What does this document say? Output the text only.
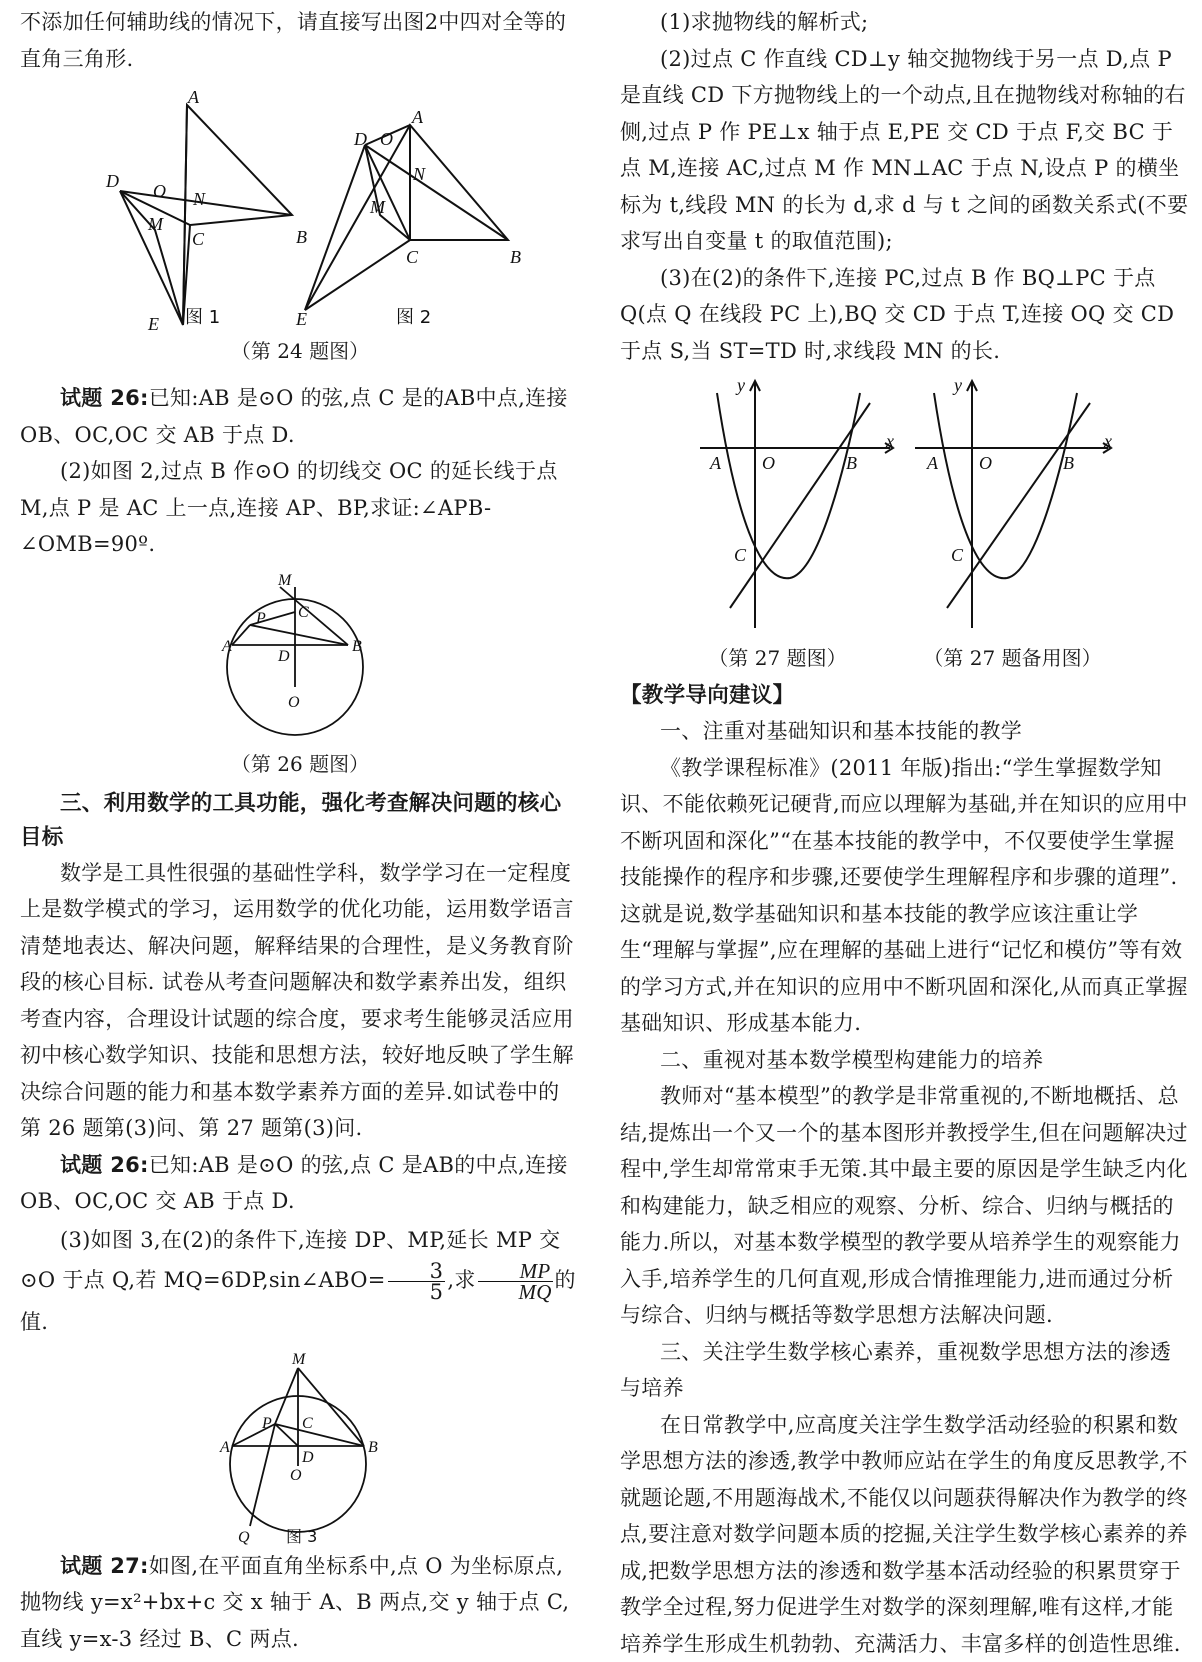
不添加任何辅助线的情况下，请直接写出图2中四对全等的直角三角形.

A
D O N
M
C	B
E 图 1
A
D O
N
M
C	B
E	图 2

（第 24 题图）

试题 26:已知:AB 是⊙O 的弦,点 C 是的AB中点,连接 OB、OC,OC 交 AB 于点 D.

(2)如图 2,过点 B 作⊙O 的切线交 OC 的延长线于点 M,点 P 是 AC 上一点,连接 AP、BP,求证:∠APB-∠OMB=90º.

M
P C
A
D
B
O

（第 26 题图）

三、利用数学的工具功能，强化考查解决问题的核心目标

数学是工具性很强的基础性学科，数学学习在一定程度上是数学模式的学习，运用数学的优化功能，运用数学语言清楚地表达、解决问题，解释结果的合理性，是义务教育阶段的核心目标. 试卷从考查问题解决和数学素养出发，组织考查内容，合理设计试题的综合度，要求考生能够灵活应用初中核心数学知识、技能和思想方法，较好地反映了学生解决综合问题的能力和基本数学素养方面的差异.如试卷中的第 26 题第(3)问、第 27 题第(3)问.

试题 26:已知:AB 是⊙O 的弦,点 C 是AB的中点,连接 OB、OC,OC 交 AB 于点 D.

(3)如图 3,在(2)的条件下,连接 DP、MP,延长 MP 交⊙O 于点 Q,若 MQ=6DP,sin∠ABO= $\frac{3}{5}$ ,求 $\frac{MP}{MQ}$ 的值.

M
P C
A
D
B
O
Q 图 3

试题 27:如图,在平面直角坐标系中,点 O 为坐标原点,抛物线 y=x²+bx+c 交 x 轴于 A、B 两点,交 y 轴于点 C,直线 y=x-3 经过 B、C 两点.

(1)求抛物线的解析式;

(2)过点 C 作直线 CD⊥y 轴交抛物线于另一点 D,点 P 是直线 CD 下方抛物线上的一个动点,且在抛物线对称轴的右侧,过点 P 作 PE⊥x 轴于点 E,PE 交 CD 于点 F,交 BC 于点 M,连接 AC,过点 M 作 MN⊥AC 于点 N,设点 P 的横坐标为 t,线段 MN 的长为 d,求 d 与 t 之间的函数关系式(不要求写出自变量 t 的取值范围);

(3)在(2)的条件下,连接 PC,过点 B 作 BQ⊥PC 于点 Q(点 Q 在线段 PC 上),BQ 交 CD 于点 T,连接 OQ 交 CD 于点 S,当 ST=TD 时,求线段 MN 的长.

y
x
A O	B
C
y
x
A O	B
C
（第 27 题图）	（第 27 题备用图）

【教学导向建议】

一、注重对基础知识和基本技能的教学

《教学课程标准》(2011 年版)指出:“学生掌握数学知识、不能依赖死记硬背,而应以理解为基础,并在知识的应用中不断巩固和深化”“在基本技能的教学中，不仅要使学生掌握技能操作的程序和步骤,还要使学生理解程序和步骤的道理”.这就是说,数学基础知识和基本技能的教学应该注重让学生“理解与掌握”,应在理解的基础上进行“记忆和模仿”等有效的学习方式,并在知识的应用中不断巩固和深化,从而真正掌握基础知识、形成基本能力.

二、重视对基本数学模型构建能力的培养

教师对“基本模型”的教学是非常重视的,不断地概括、总结,提炼出一个又一个的基本图形并教授学生,但在问题解决过程中,学生却常常束手无策.其中最主要的原因是学生缺乏内化和构建能力，缺乏相应的观察、分析、综合、归纳与概括的能力.所以，对基本数学模型的教学要从培养学生的观察能力入手,培养学生的几何直观,形成合情推理能力,进而通过分析与综合、归纳与概括等数学思想方法解决问题.

三、关注学生数学核心素养，重视数学思想方法的渗透与培养

在日常教学中,应高度关注学生数学活动经验的积累和数学思想方法的渗透,教学中教师应站在学生的角度反思教学,不就题论题,不用题海战术,不能仅以问题获得解决作为教学的终点,要注意对数学问题本质的挖掘,关注学生数学核心素养的养成,把数学思想方法的渗透和数学基本活动经验的积累贯穿于教学全过程,努力促进学生对数学的深刻理解,唯有这样,才能培养学生形成生机勃勃、充满活力、丰富多样的创造性思维.
